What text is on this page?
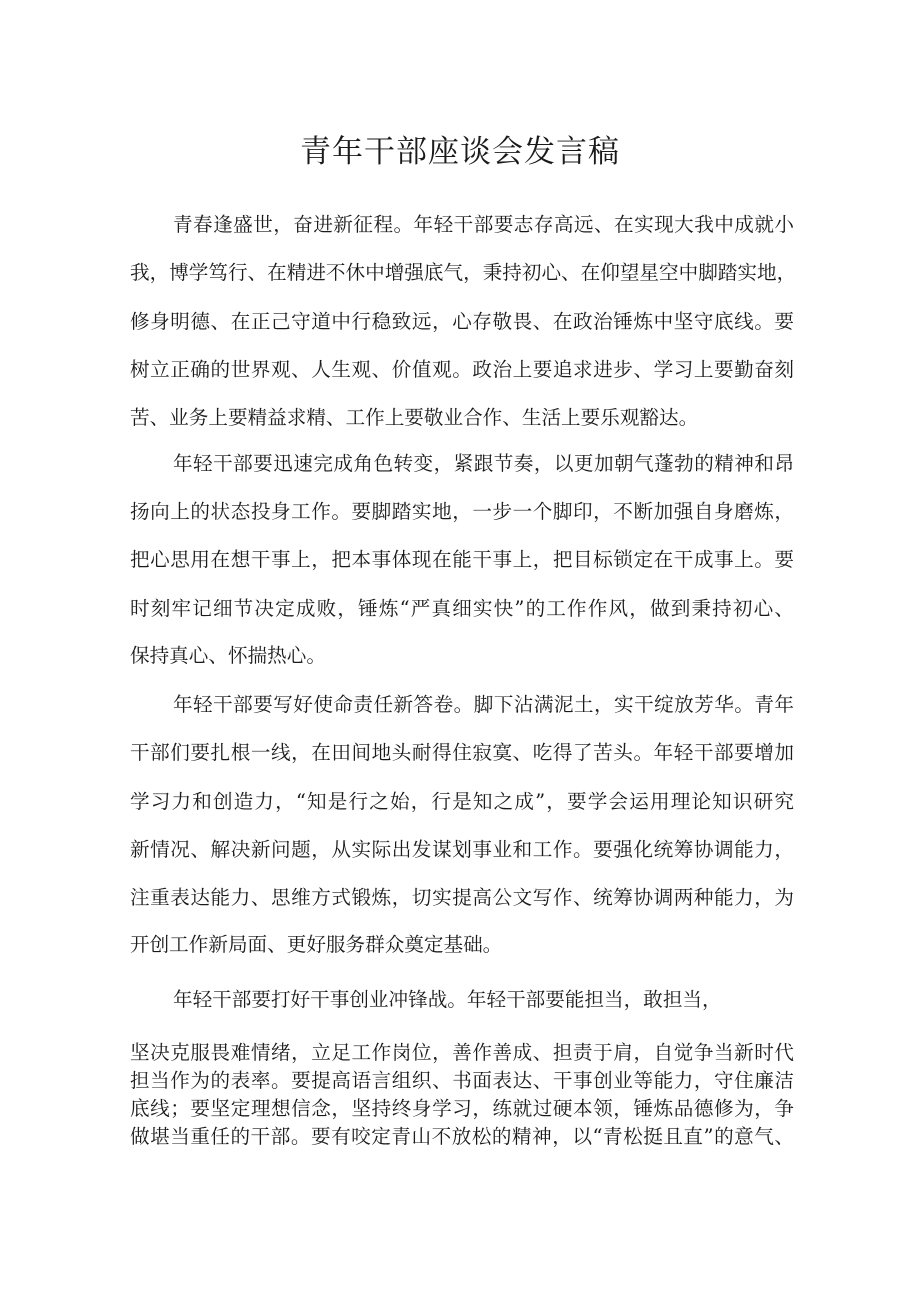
青年干部座谈会发言稿
青春逢盛世，奋进新征程。年轻干部要志存高远、在实现大我中成就小
我，博学笃行、在精进不休中增强底气，秉持初心、在仰望星空中脚踏实地，
修身明德、在正己守道中行稳致远，心存敬畏、在政治锤炼中坚守底线。要
树立正确的世界观、人生观、价值观。政治上要追求进步、学习上要勤奋刻
苦、业务上要精益求精、工作上要敬业合作、生活上要乐观豁达。
年轻干部要迅速完成角色转变，紧跟节奏，以更加朝气蓬勃的精神和昂
扬向上的状态投身工作。要脚踏实地，一步一个脚印，不断加强自身磨炼，
把心思用在想干事上，把本事体现在能干事上，把目标锁定在干成事上。要
时刻牢记细节决定成败，锤炼“严真细实快”的工作作风，做到秉持初心、
保持真心、怀揣热心。
年轻干部要写好使命责任新答卷。脚下沾满泥土，实干绽放芳华。青年
干部们要扎根一线，在田间地头耐得住寂寞、吃得了苦头。年轻干部要增加
学习力和创造力，“知是行之始，行是知之成”，要学会运用理论知识研究
新情况、解决新问题，从实际出发谋划事业和工作。要强化统筹协调能力，
注重表达能力、思维方式锻炼，切实提高公文写作、统筹协调两种能力，为
开创工作新局面、更好服务群众奠定基础。
年轻干部要打好干事创业冲锋战。年轻干部要能担当，敢担当，
坚决克服畏难情绪，立足工作岗位，善作善成、担责于肩，自觉争当新时代
担当作为的表率。要提高语言组织、书面表达、干事创业等能力，守住廉洁
底线；要坚定理想信念，坚持终身学习，练就过硬本领，锤炼品德修为，争
做堪当重任的干部。要有咬定青山不放松的精神，以“青松挺且直”的意气、
